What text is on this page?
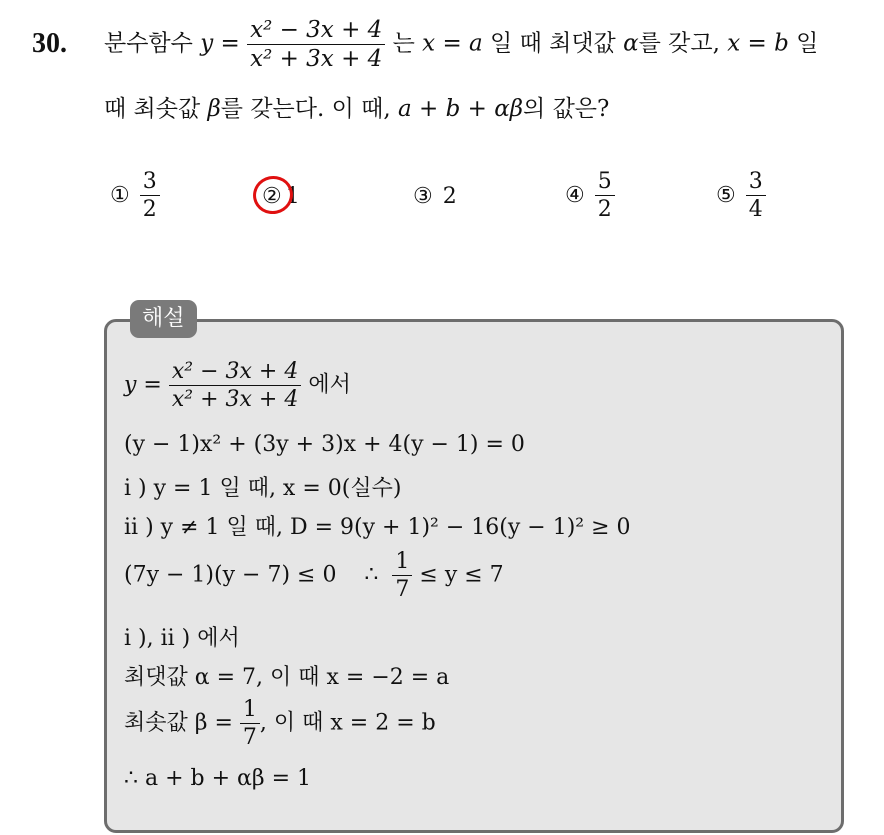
30. 분수함수 $y = \frac{\text{x² − 3x + 4}}{\text{x² + 3x + 4}}$ 는 x = a 일 때 최댓값 α를 갖고, x = b 일
때 최솟값 β를 갖는다. 이 때, a + b + αβ의 값은?
① $\frac{3}{2}$	② 1	③ 2	④ $\frac{5}{2}$	⑤ $\frac{3}{4}$
해설
$y = \frac{\text{x² − 3x + 4}}{\text{x² + 3x + 4}}$ 에서
(y − 1)x² + (3y + 3)x + 4(y − 1) = 0
i ) y = 1 일 때, x = 0(실수)
ii ) y ≠ 1 일 때, D = 9(y + 1)² − 16(y − 1)² ≥ 0
(7y − 1)(y − 7) ≤ 0    ∴ $\frac{1}{7} \le y \le 7$
i ), ii ) 에서
최댓값 α = 7, 이 때 x = −2 = a
최솟값 $\beta = \frac{1}{7}$ , 이 때 x = 2 = b
∴ a + b + αβ = 1
